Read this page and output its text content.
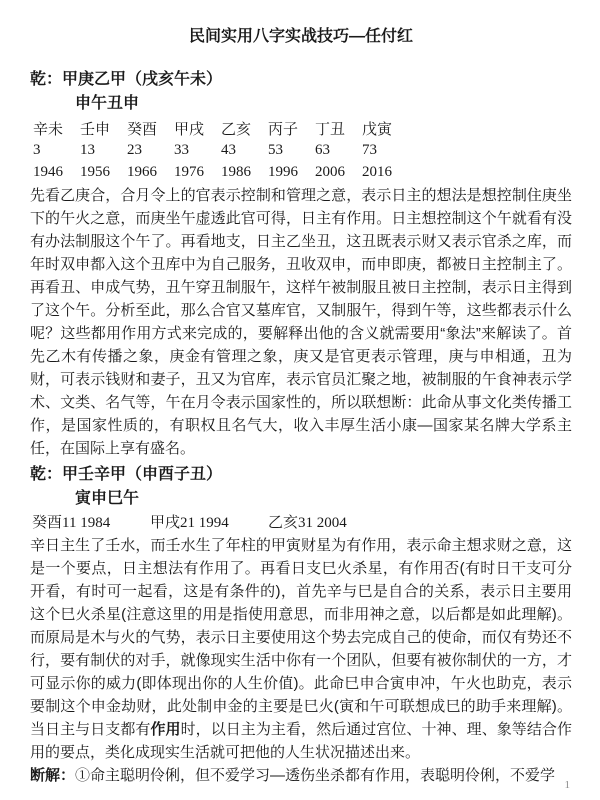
民间实用八字实战技巧—任付红

乾：甲庚乙甲（戌亥午未）

申午丑申

辛未	壬申	癸酉	甲戌	乙亥	丙子	丁丑	戊寅
3	13	23	33	43	53	63	73
1946	1956	1966	1976	1986	1996	2006	2016

先看乙庚合，合月令上的官表示控制和管理之意，表示日主的想法是想控制住庚坐下的午火之意，而庚坐午虚透此官可得，日主有作用。日主想控制这个午就看有没有办法制服这个午了。再看地支，日主乙坐丑，这丑既表示财又表示官杀之库，而年时双申都入这个丑库中为自己服务，丑收双申，而申即庚，都被日主控制主了。再看丑、申成气势，丑午穿丑制服午，这样午被制服且被日主控制，表示日主得到了这个午。分析至此，那么合官又墓库官，又制服午，得到午等，这些都表示什么呢？这些都用作用方式来完成的，要解释出他的含义就需要用“象法”来解读了。首先乙木有传播之象，庚金有管理之象，庚又是官更表示管理，庚与申相通，丑为财，可表示钱财和妻子，丑又为官库，表示官员汇聚之地，被制服的午食神表示学术、文类、名气等，午在月令表示国家性的，所以联想断：此命从事文化类传播工作，是国家性质的，有职权且名气大，收入丰厚生活小康—国家某名牌大学系主任，在国际上享有盛名。

乾：甲壬辛甲（申酉子丑）

寅申巳午

癸酉11 1984	甲戌21 1994	乙亥31 2004

辛日主生了壬水，而壬水生了年柱的甲寅财星为有作用，表示命主想求财之意，这是一个要点，日主想法有作用了。再看日支巳火杀星，有作用否(有时日干支可分开看，有时可一起看，这是有条件的)，首先辛与巳是自合的关系，表示日主要用这个巳火杀星(注意这里的用是指使用意思，而非用神之意，以后都是如此理解)。而原局是木与火的气势，表示日主要使用这个势去完成自己的使命，而仅有势还不行，要有制伏的对手，就像现实生活中你有一个团队，但要有被你制伏的一方，才可显示你的威力(即体现出你的人生价值)。此命巳申合寅申冲，午火也助克，表示要制这个申金劫财，此处制申金的主要是巳火(寅和午可联想成巳的助手来理解)。当日主与日支都有作用时，以日主为主看，然后通过宫位、十神、理、象等结合作用的要点，类化成现实生活就可把他的人生状况描述出来。

断解：①命主聪明伶俐，但不爱学习—透伤坐杀都有作用，表聪明伶俐，不爱学

1
